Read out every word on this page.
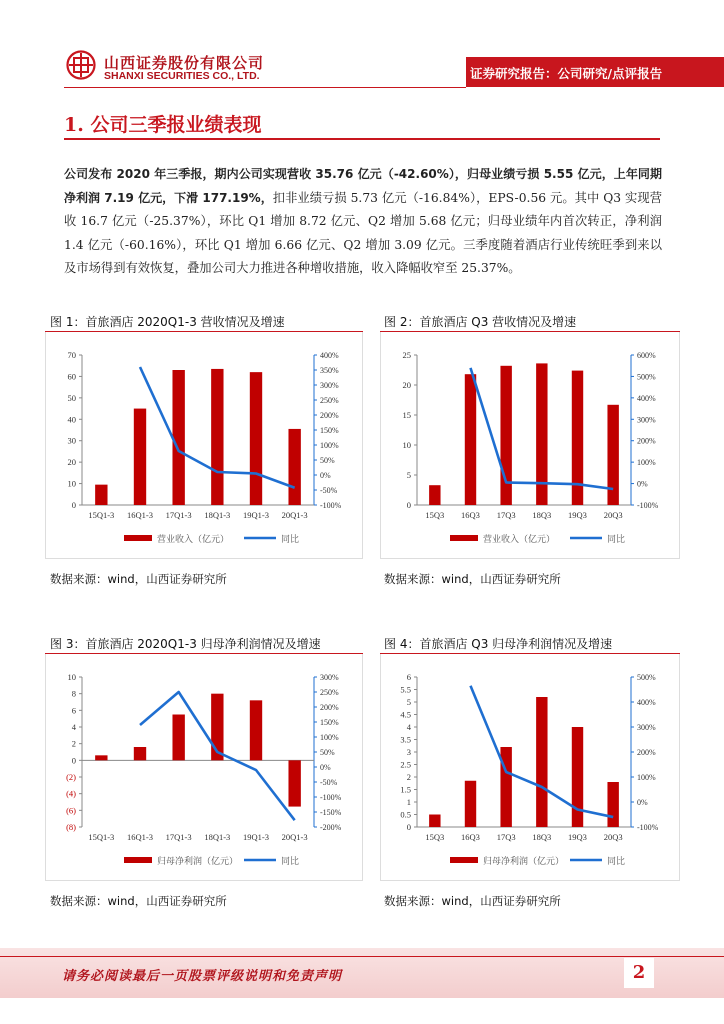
山西证券股份有限公司
SHANXI SECURITIES CO., LTD.	证券研究报告：公司研究/点评报告
1. 公司三季报业绩表现

公司发布 2020 年三季报，期内公司实现营收 35.76 亿元（-42.60%），归母业绩亏损 5.55 亿元，上年同期净利润 7.19 亿元，下滑 177.19%，扣非业绩亏损 5.73 亿元（-16.84%），EPS-0.56 元。其中 Q3 实现营收 16.7 亿元（-25.37%），环比 Q1 增加 8.72 亿元、Q2 增加 5.68 亿元；归母业绩年内首次转正，净利润 1.4 亿元（-60.16%），环比 Q1 增加 6.66 亿元、Q2 增加 3.09 亿元。三季度随着酒店行业传统旺季到来以及市场得到有效恢复，叠加公司大力推进各种增收措施，收入降幅收窄至 25.37%。

图 1：首旅酒店 2020Q1-3 营收情况及增速
0
10
20
30
40
50
60
70
-100%
-50%
0%
50%
100%
150%
200%
250%
300%
350%
400%
15Q1-3 16Q1-3 17Q1-3 18Q1-3 19Q1-3 20Q1-3
营业收入（亿元）	同比
数据来源：wind，山西证券研究所
图 2：首旅酒店 Q3 营收情况及增速
0
5
10
15
20
25
-100%
0%
100%
200%
300%
400%
500%
600%
15Q3 16Q3 17Q3 18Q3 19Q3 20Q3
营业收入（亿元）	同比
数据来源：wind，山西证券研究所
图 3：首旅酒店 2020Q1-3 归母净利润情况及增速
(8)
(6)
(4)
(2)
0
2
4
6
8
10
-200%
-150%
-100%
-50%
0%
50%
100%
150%
200%
250%
300%
15Q1-3 16Q1-3 17Q1-3 18Q1-3 19Q1-3 20Q1-3
归母净利润（亿元）	同比
数据来源：wind，山西证券研究所
图 4：首旅酒店 Q3 归母净利润情况及增速
0
0.5
1
1.5
2
2.5
3
3.5
4
4.5
5
5.5
6
-100%
0%
100%
200%
300%
400%
500%
15Q3 16Q3 17Q3 18Q3 19Q3 20Q3
归母净利润（亿元）	同比
数据来源：wind，山西证券研究所
请务必阅读最后一页股票评级说明和免责声明	2
